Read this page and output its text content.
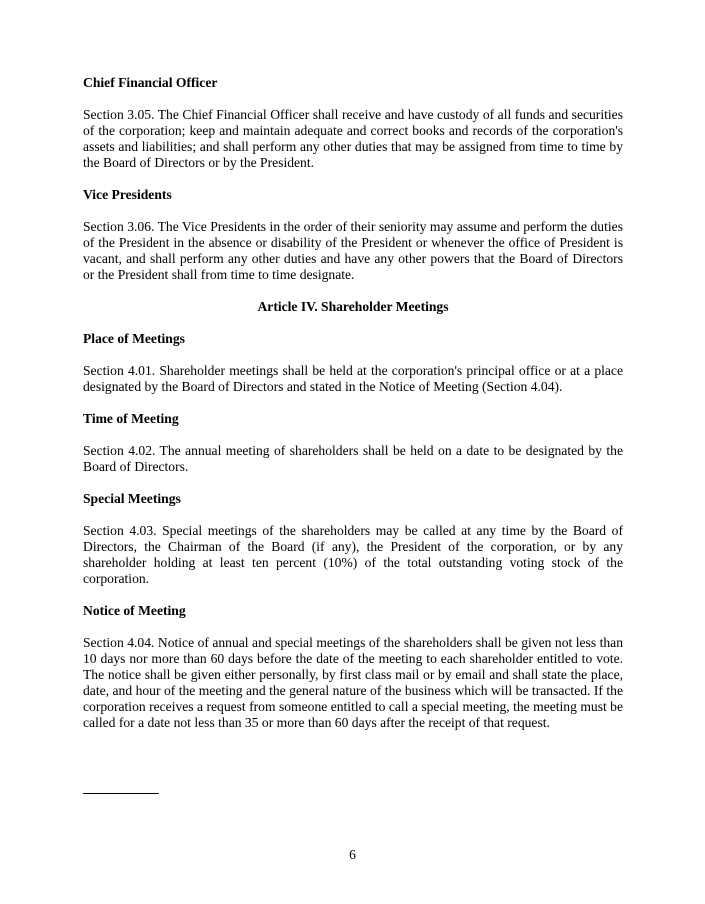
Chief Financial Officer
Section 3.05. The Chief Financial Officer shall receive and have custody of all funds and securities of the corporation; keep and maintain adequate and correct books and records of the corporation's assets and liabilities; and shall perform any other duties that may be assigned from time to time by the Board of Directors or by the President.
Vice Presidents
Section 3.06. The Vice Presidents in the order of their seniority may assume and perform the duties of the President in the absence or disability of the President or whenever the office of President is vacant, and shall perform any other duties and have any other powers that the Board of Directors or the President shall from time to time designate.
Article IV. Shareholder Meetings
Place of Meetings
Section 4.01. Shareholder meetings shall be held at the corporation's principal office or at a place designated by the Board of Directors and stated in the Notice of Meeting (Section 4.04).
Time of Meeting
Section 4.02. The annual meeting of shareholders shall be held on a date to be designated by the Board of Directors.
Special Meetings
Section 4.03. Special meetings of the shareholders may be called at any time by the Board of Directors, the Chairman of the Board (if any), the President of the corporation, or by any shareholder holding at least ten percent (10%) of the total outstanding voting stock of the corporation.
Notice of Meeting
Section 4.04. Notice of annual and special meetings of the shareholders shall be given not less than 10 days nor more than 60 days before the date of the meeting to each shareholder entitled to vote. The notice shall be given either personally, by first class mail or by email and shall state the place, date, and hour of the meeting and the general nature of the business which will be transacted. If the corporation receives a request from someone entitled to call a special meeting, the meeting must be called for a date not less than 35 or more than 60 days after the receipt of that request.
6
